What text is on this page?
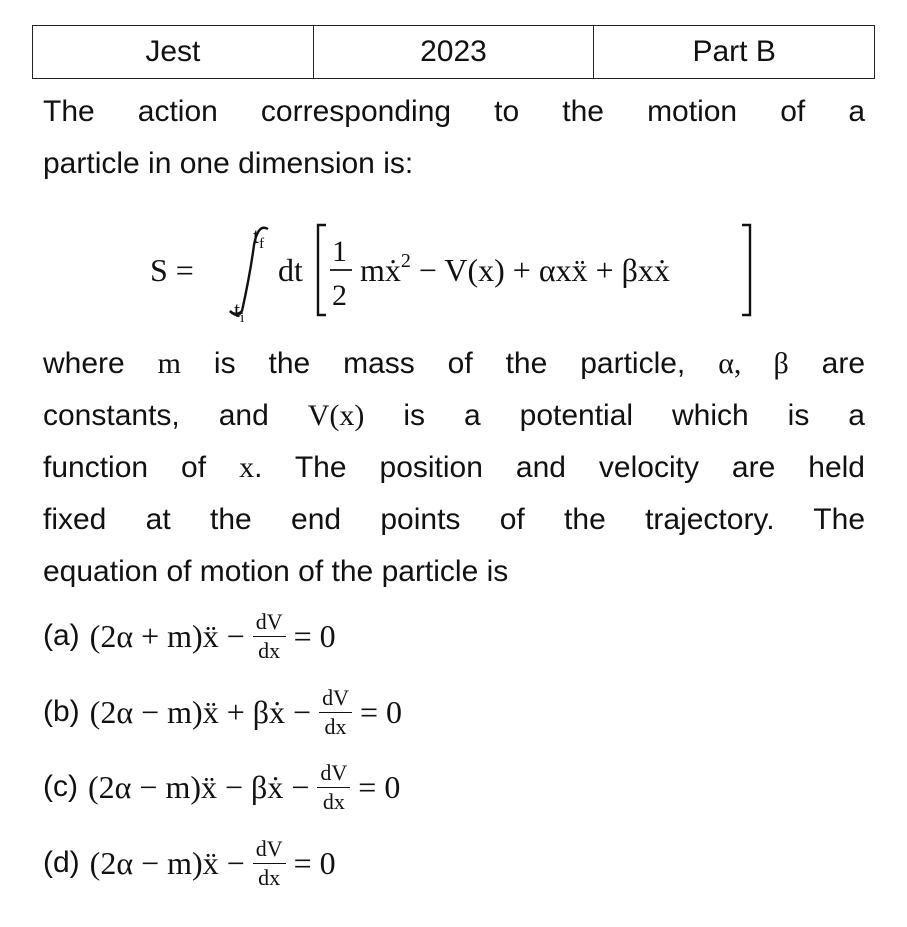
Jest	2023	Part B

The action corresponding to the motion of a

particle in one dimension is:

S =
$t_f$
$t_i$
dt
1
2
mẋ$^2$ − V(x) + αxẍ + βxẋ

where m is the mass of the particle, α, β are

constants, and V(x) is a potential which is a

function of x. The position and velocity are held

fixed at the end points of the trajectory. The

equation of motion of the particle is

(a) (2α + m)ẍ − $\frac{dV}{dx} = 0$
(b) (2α − m)ẍ + βẋ − $\frac{dV}{dx} = 0$
(c) (2α − m)ẍ − βẋ − $\frac{dV}{dx} = 0$
(d) (2α − m)ẍ − $\frac{dV}{dx} = 0$
